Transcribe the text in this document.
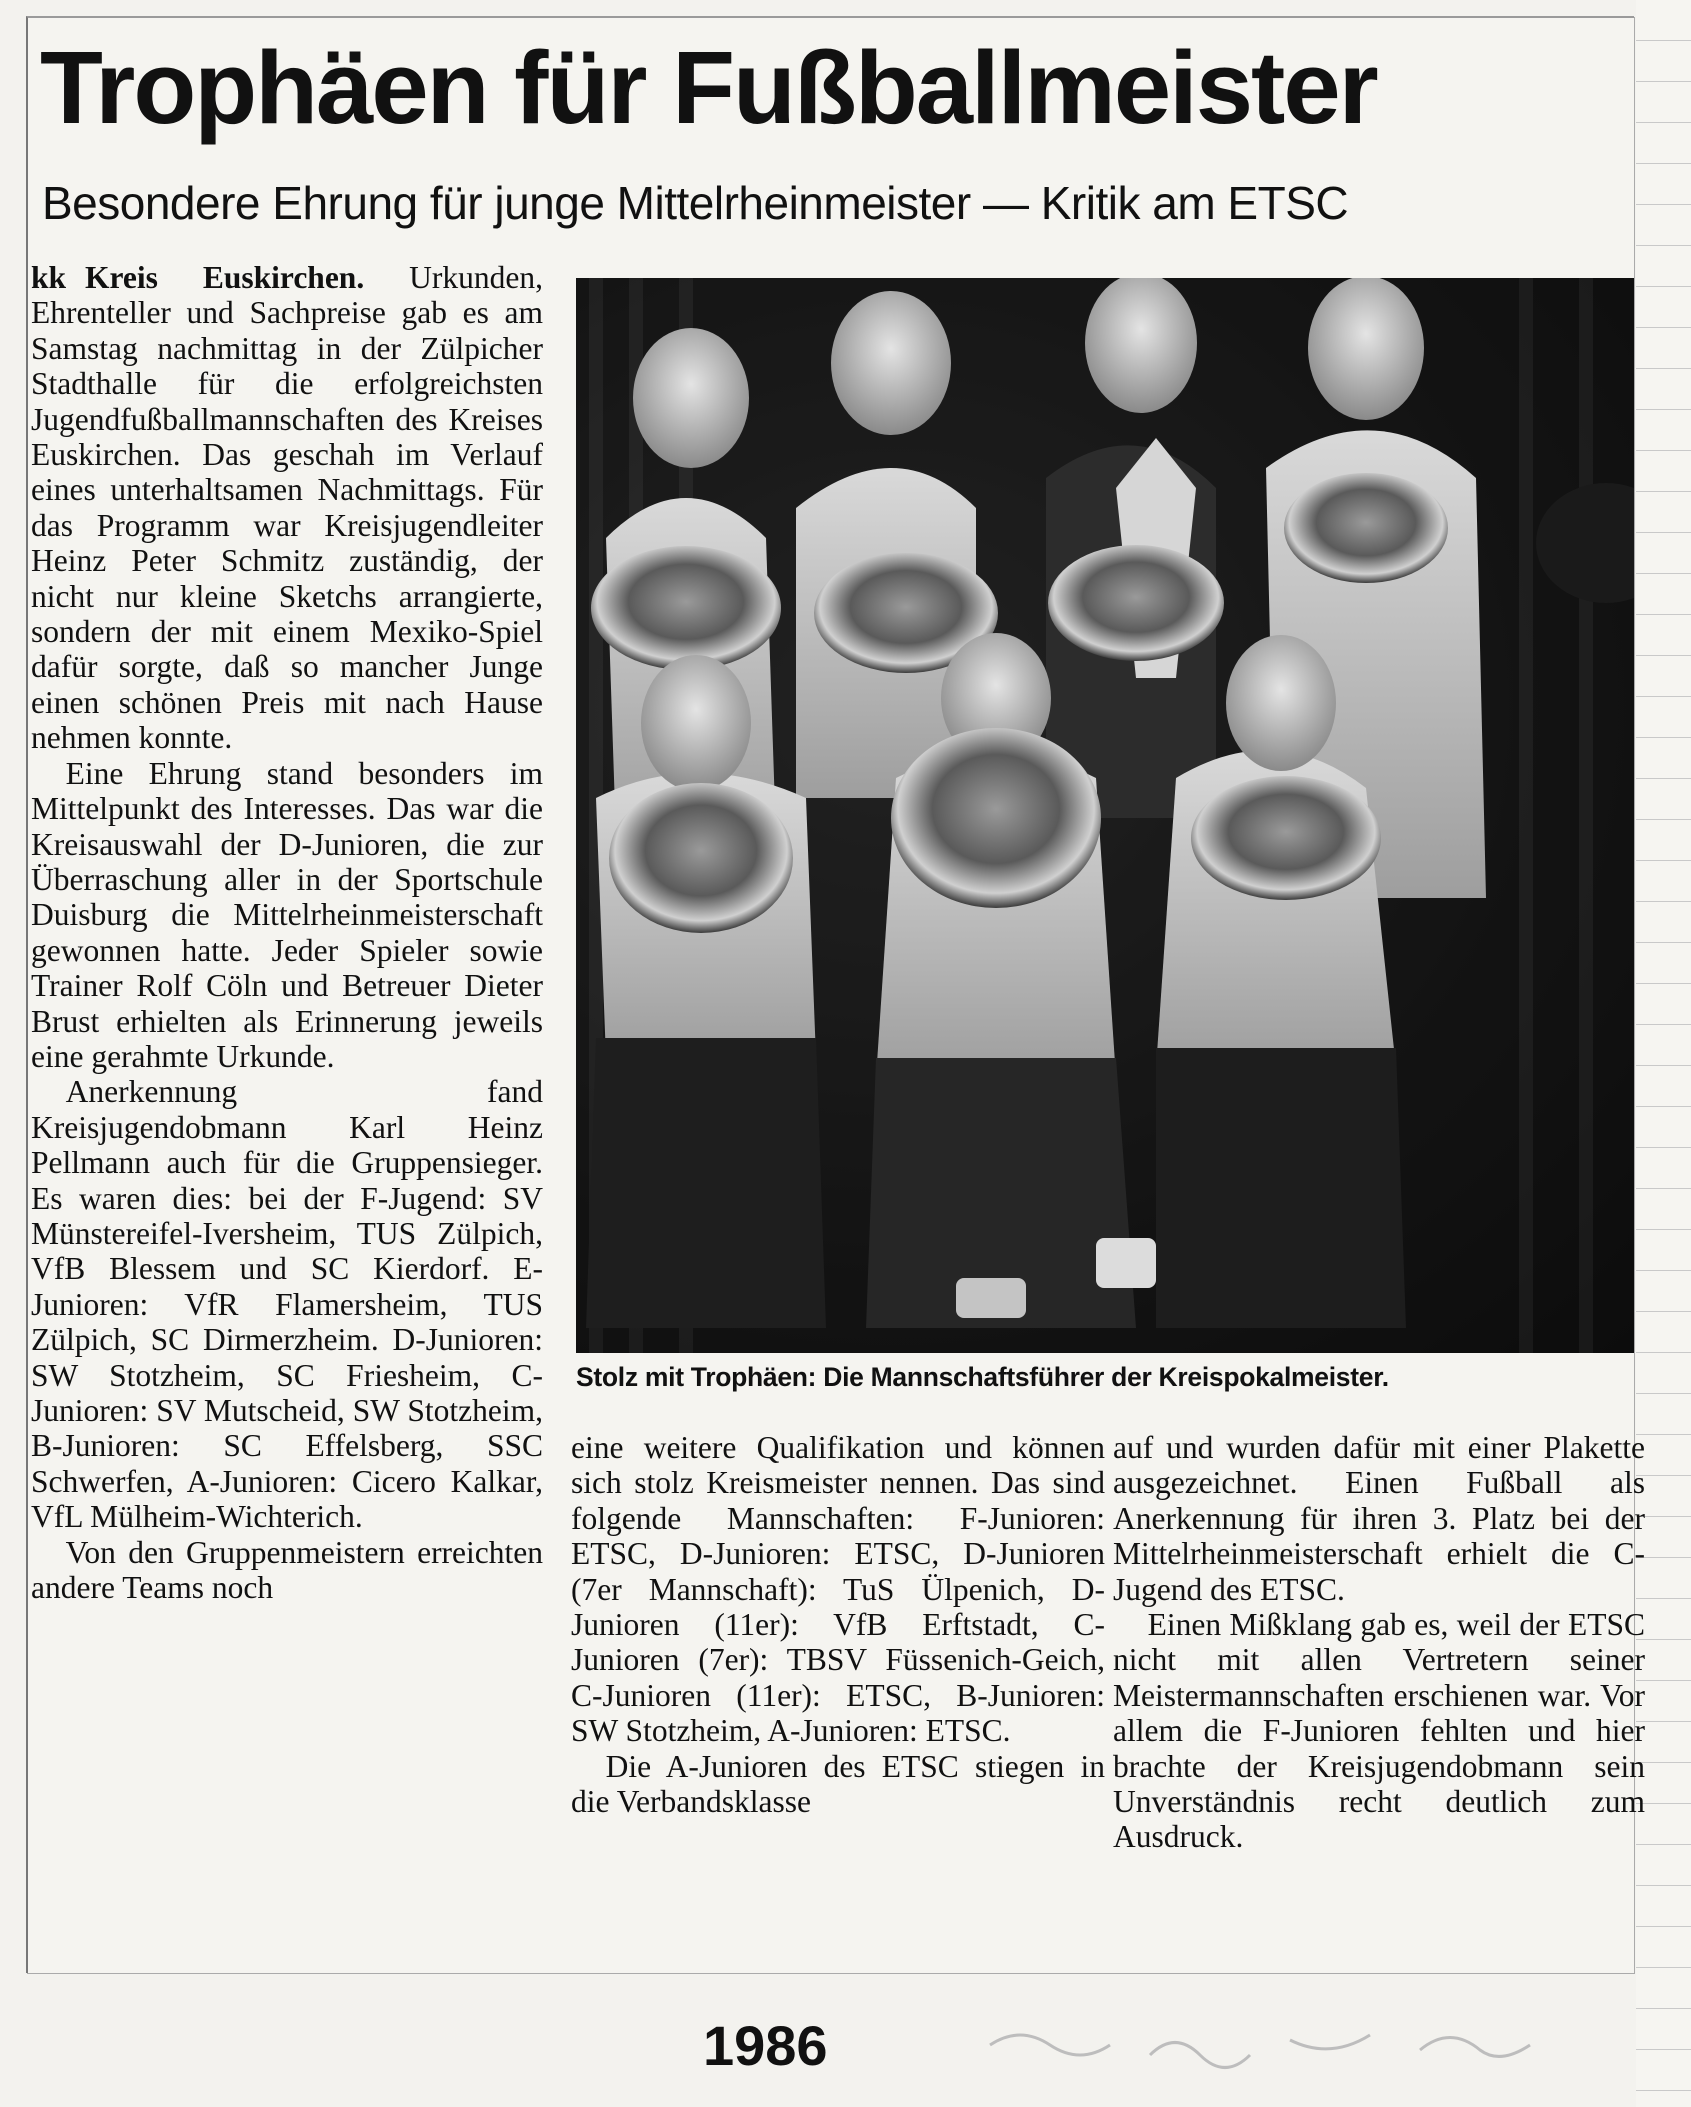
Trophäen für Fußballmeister
Besondere Ehrung für junge Mittelrheinmeister — Kritik am ETSC

kk Kreis Euskirchen. Urkunden, Ehrenteller und Sachpreise gab es am Samstag nachmittag in der Zülpicher Stadthalle für die erfolgreichsten Jugendfußballmannschaften des Kreises Euskirchen. Das geschah im Verlauf eines unterhaltsamen Nachmittags. Für das Programm war Kreisjugendleiter Heinz Peter Schmitz zuständig, der nicht nur kleine Sketchs arrangierte, sondern der mit einem Mexiko-Spiel dafür sorgte, daß so mancher Junge einen schönen Preis mit nach Hause nehmen konnte.

Eine Ehrung stand besonders im Mittelpunkt des Interesses. Das war die Kreisauswahl der D-Junioren, die zur Überraschung aller in der Sportschule Duisburg die Mittelrheinmeisterschaft gewonnen hatte. Jeder Spieler sowie Trainer Rolf Cöln und Betreuer Dieter Brust erhielten als Erinnerung jeweils eine gerahmte Urkunde.

Anerkennung fand Kreisjugendobmann Karl Heinz Pellmann auch für die Gruppensieger. Es waren dies: bei der F-Jugend: SV Münstereifel-Iversheim, TUS Zülpich, VfB Blessem und SC Kierdorf. E-Junioren: VfR Flamersheim, TUS Zülpich, SC Dirmerzheim. D-Junioren: SW Stotzheim, SC Friesheim, C-Junioren: SV Mutscheid, SW Stotzheim, B-Junioren: SC Effelsberg, SSC Schwerfen, A-Junioren: Cicero Kalkar, VfL Mülheim-Wichterich.

Von den Gruppenmeistern erreichten andere Teams noch

Stolz mit Trophäen: Die Mannschaftsführer der Kreispokalmeister.

eine weitere Qualifikation und können sich stolz Kreismeister nennen. Das sind folgende Mannschaften: F-Junioren: ETSC, D-Junioren: ETSC, D-Junioren (7er Mannschaft): TuS Ülpenich, D-Junioren (11er): VfB Erftstadt, C-Junioren (7er): TBSV Füssenich-Geich, C-Junioren (11er): ETSC, B-Junioren: SW Stotzheim, A-Junioren: ETSC.

Die A-Junioren des ETSC stiegen in die Verbandsklasse

auf und wurden dafür mit einer Plakette ausgezeichnet. Einen Fußball als Anerkennung für ihren 3. Platz bei der Mittelrheinmeisterschaft erhielt die C-Jugend des ETSC.

Einen Mißklang gab es, weil der ETSC nicht mit allen Vertretern seiner Meistermannschaften erschienen war. Vor allem die F-Junioren fehlten und hier brachte der Kreisjugendobmann sein Unverständnis recht deutlich zum Ausdruck.

1986
